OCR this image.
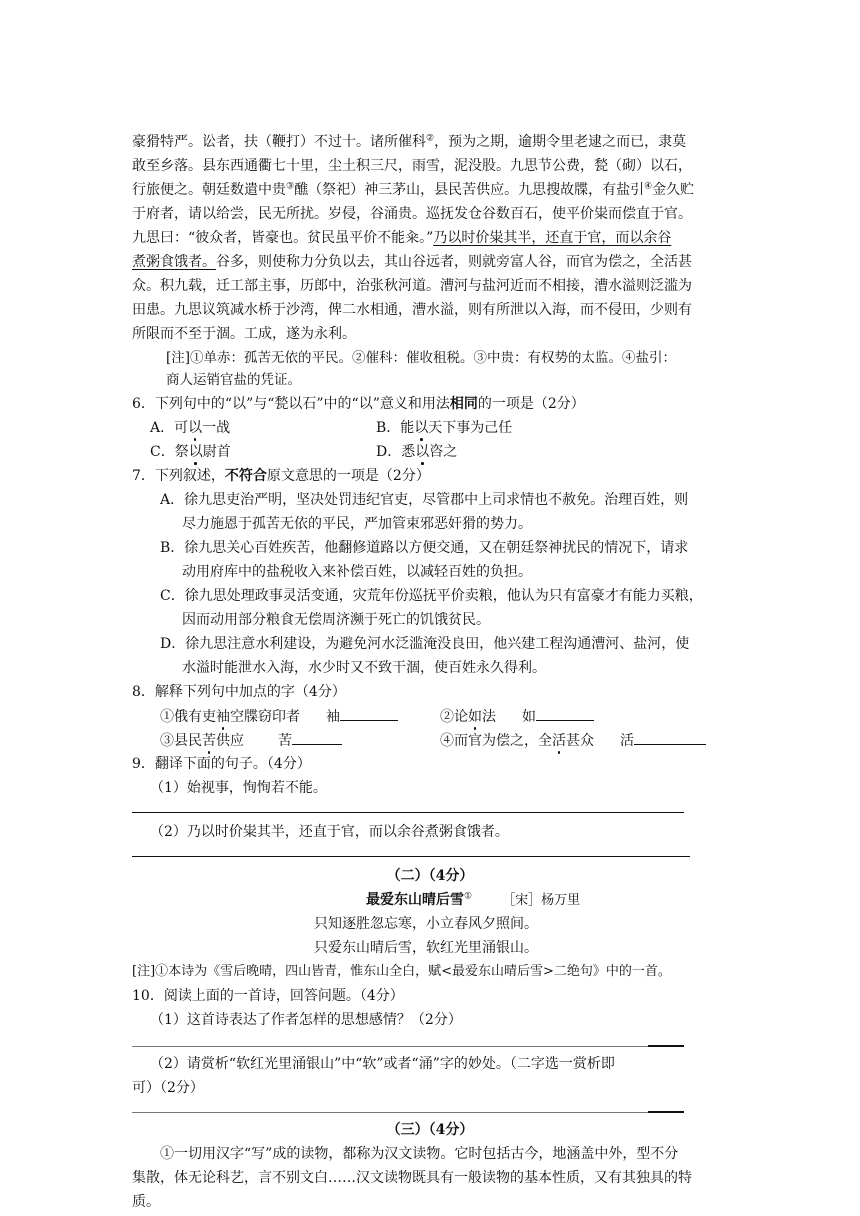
豪猾特严。讼者，扶（鞭打）不过十。诸所催科②，预为之期，逾期令里老逮之而已，隶莫
敢至乡落。县东西通衢七十里，尘土积三尺，雨雪，泥没股。九思节公费，甃（砌）以石，
行旅便之。朝廷数遣中贵③醮（祭祀）神三茅山，县民苦供应。九思搜故牒，有盐引④金久贮
于府者，请以给尝，民无所扰。岁侵，谷涌贵。巡抚发仓谷数百石，使平价粜而偿直于官。
九思曰：“彼众者，皆豪也。贫民虽平价不能籴。”乃以时价粜其半，还直于官，而以余谷
煮粥食饿者。谷多，则使称力分负以去，其山谷远者，则就旁富人谷，而官为偿之，全活甚
众。积九载，迁工部主事，历郎中，治张秋河道。漕河与盐河近而不相接，漕水溢则泛滥为
田患。九思议筑减水桥于沙湾，俾二水相通，漕水溢，则有所泄以入海，而不侵田，少则有
所限而不至于涸。工成，遂为永利。
[注]①单赤：孤苦无依的平民。②催科：催收租税。③中贵：有权势的太监。④盐引：
商人运销官盐的凭证。
6．下列句中的“以”与“甃以石”中的“以”意义和用法相同的一项是（2分）
A．可以一战	B．能以天下事为己任
C．祭以尉首	D．悉以咨之
7．下列叙述，不符合原文意思的一项是（2分）
A．徐九思吏治严明，坚决处罚违纪官吏，尽管郡中上司求情也不赦免。治理百姓，则
尽力施恩于孤苦无依的平民，严加管束邪恶奸猾的势力。
B．徐九思关心百姓疾苦，他翻修道路以方便交通，又在朝廷祭神扰民的情况下，请求
动用府库中的盐税收入来补偿百姓，以减轻百姓的负担。
C．徐九思处理政事灵活变通，灾荒年份巡抚平价卖粮，他认为只有富豪才有能力买粮，
因而动用部分粮食无偿周济濒于死亡的饥饿贫民。
D．徐九思注意水利建设，为避免河水泛滥淹没良田，他兴建工程沟通漕河、盐河，使
水溢时能泄水入海，水少时又不致干涸，使百姓永久得利。
8．解释下列句中加点的字（4分）
①俄有吏袖空牒窃印者 袖	②论如法 如
③县民苦供应 苦	④而官为偿之，全活甚众 活
9．翻译下面的句子。（4分）
（1）始视事，恂恂若不能。
（2）乃以时价粜其半，还直于官，而以余谷煮粥食饿者。
（二）（4分）
最爱东山晴后雪① ［宋］杨万里
只知逐胜忽忘寒，小立春风夕照间。
只爱东山晴后雪，软红光里涌银山。
[注]①本诗为《雪后晚晴，四山皆青，惟东山全白，赋<最爱东山晴后雪>二绝句》中的一首。
10．阅读上面的一首诗，回答问题。（4分）
（1）这首诗表达了作者怎样的思想感情？（2分）
（2）请赏析“软红光里涌银山”中“软”或者“涌”字的妙处。（二字选一赏析即
可）（2分）
（三）（4分）
①一切用汉字“写”成的读物，都称为汉文读物。它时包括古今，地涵盖中外，型不分
集散，体无论科艺，言不别文白……汉文读物既具有一般读物的基本性质，又有其独具的特
质。
